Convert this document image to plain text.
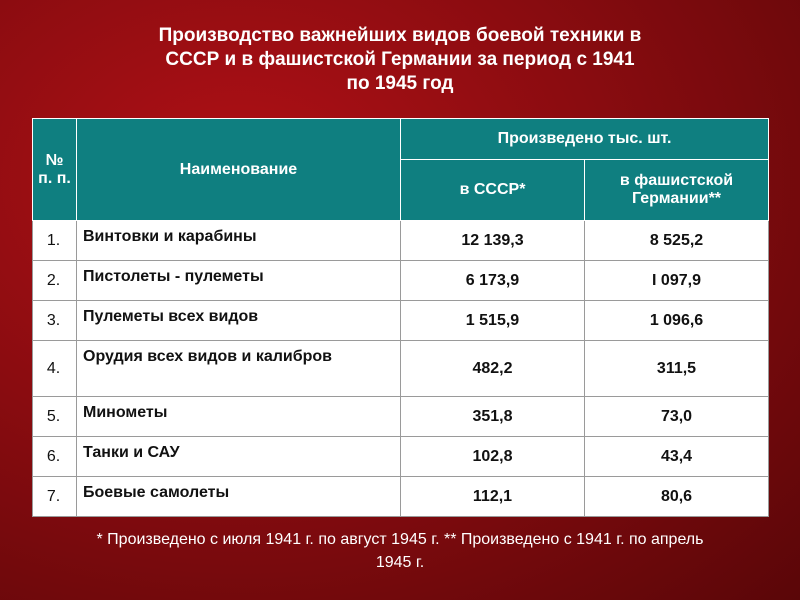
Производство важнейших видов боевой техники в
СССР и в фашистской Германии за период с 1941
по 1945 год
№ п. п.	Наименование	Произведено тыс. шт.	
		в СССР*	в фашистской Германии**
1.	Винтовки и карабины	12 139,3	8 525,2
2.	Пистолеты - пулеметы	6 173,9	I 097,9
3.	Пулеметы всех видов	1 515,9	1 096,6
4.	Орудия всех видов и калибров	482,2	311,5
5.	Минометы	351,8	73,0
6.	Танки и САУ	102,8	43,4
7.	Боевые самолеты	112,1	80,6
* Произведено с июля 1941 г. по август 1945 г. ** Произведено с 1941 г. по апрель
1945 г.
